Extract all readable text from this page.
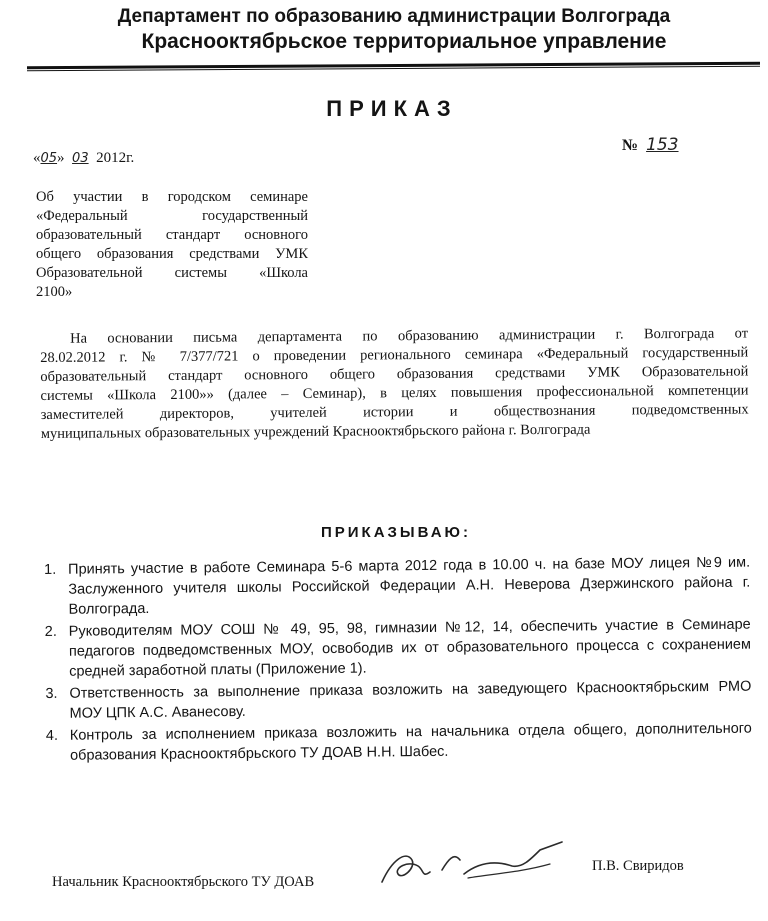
Департамент по образованию администрации Волгограда
Краснооктябрьское территориальное управление
ПРИКАЗ
«05» 03 2012г.
№ 153
Об участии в городском семинаре
«Федеральный государственный
образовательный стандарт основного
общего образования средствами УМК
Образовательной системы «Школа
2100»
На основании письма департамента по образованию администрации г. Волгограда от
28.02.2012 г. № 7/377/721 о проведении регионального семинара «Федеральный государственный
образовательный стандарт основного общего образования средствами УМК Образовательной
системы «Школа 2100»» (далее – Семинар), в целях повышения профессиональной компетенции
заместителей директоров, учителей истории и обществознания подведомственных
муниципальных образовательных учреждений Краснооктябрьского района г. Волгограда
ПРИКАЗЫВАЮ:
1. Принять участие в работе Семинара 5-6 марта 2012 года в 10.00 ч. на базе МОУ лицея №9 им.
Заслуженного учителя школы Российской Федерации А.Н. Неверова Дзержинского района г.
Волгограда.
2. Руководителям МОУ СОШ № 49, 95, 98, гимназии №12, 14, обеспечить участие в Семинаре
педагогов подведомственных МОУ, освободив их от образовательного процесса с сохранением
средней заработной платы (Приложение 1).
3. Ответственность за выполнение приказа возложить на заведующего Краснооктябрьским РМО
МОУ ЦПК А.С. Аванесову.
4. Контроль за исполнением приказа возложить на начальника отдела общего, дополнительного
образования Краснооктябрьского ТУ ДОАВ Н.Н. Шабес.
Начальник Краснооктябрьского ТУ ДОАВ
П.В. Свиридов
